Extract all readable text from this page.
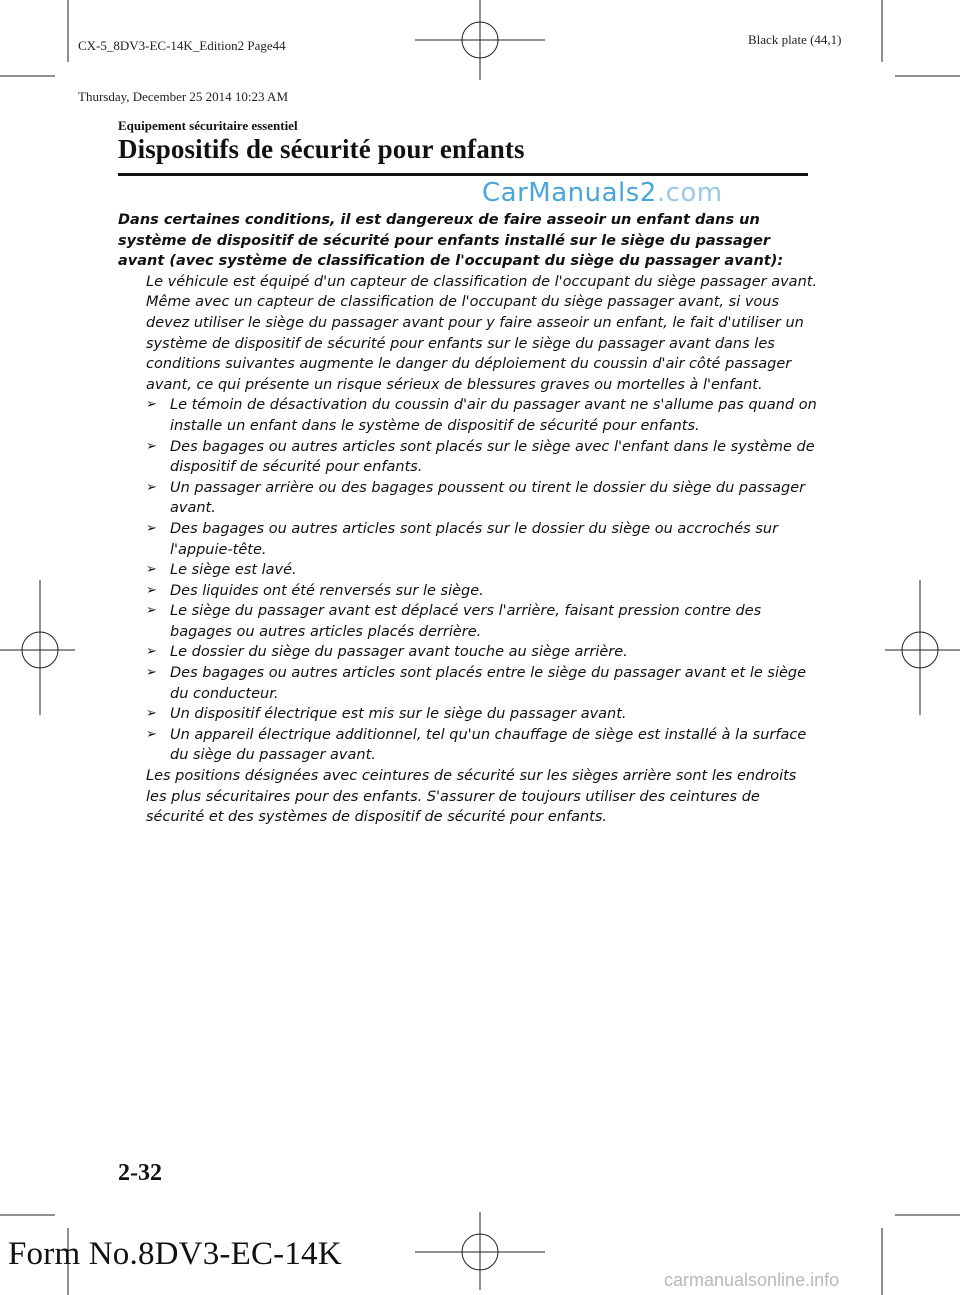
CX-5_8DV3-EC-14K_Edition2 Page44

Thursday, December 25 2014 10:23 AM

Black plate (44,1)
Equipement sécuritaire essentiel
Dispositifs de sécurité pour enfants
CarManuals2.com

Dans certaines conditions, il est dangereux de faire asseoir un enfant dans un système de dispositif de sécurité pour enfants installé sur le siège du passager avant (avec système de classification de l'occupant du siège du passager avant):

Le véhicule est équipé d'un capteur de classification de l'occupant du siège passager avant. Même avec un capteur de classification de l'occupant du siège passager avant, si vous devez utiliser le siège du passager avant pour y faire asseoir un enfant, le fait d'utiliser un système de dispositif de sécurité pour enfants sur le siège du passager avant dans les conditions suivantes augmente le danger du déploiement du coussin d'air côté passager avant, ce qui présente un risque sérieux de blessures graves ou mortelles à l'enfant.

➢ Le témoin de désactivation du coussin d'air du passager avant ne s'allume pas quand on installe un enfant dans le système de dispositif de sécurité pour enfants.
➢ Des bagages ou autres articles sont placés sur le siège avec l'enfant dans le système de dispositif de sécurité pour enfants.
➢ Un passager arrière ou des bagages poussent ou tirent le dossier du siège du passager avant.
➢ Des bagages ou autres articles sont placés sur le dossier du siège ou accrochés sur l'appuie-tête.
➢ Le siège est lavé.
➢ Des liquides ont été renversés sur le siège.
➢ Le siège du passager avant est déplacé vers l'arrière, faisant pression contre des bagages ou autres articles placés derrière.
➢ Le dossier du siège du passager avant touche au siège arrière.
➢ Des bagages ou autres articles sont placés entre le siège du passager avant et le siège du conducteur.
➢ Un dispositif électrique est mis sur le siège du passager avant.
➢ Un appareil électrique additionnel, tel qu'un chauffage de siège est installé à la surface du siège du passager avant.

Les positions désignées avec ceintures de sécurité sur les sièges arrière sont les endroits les plus sécuritaires pour des enfants. S'assurer de toujours utiliser des ceintures de sécurité et des systèmes de dispositif de sécurité pour enfants.

2-32
Form No.8DV3-EC-14K
carmanualsonline.info
